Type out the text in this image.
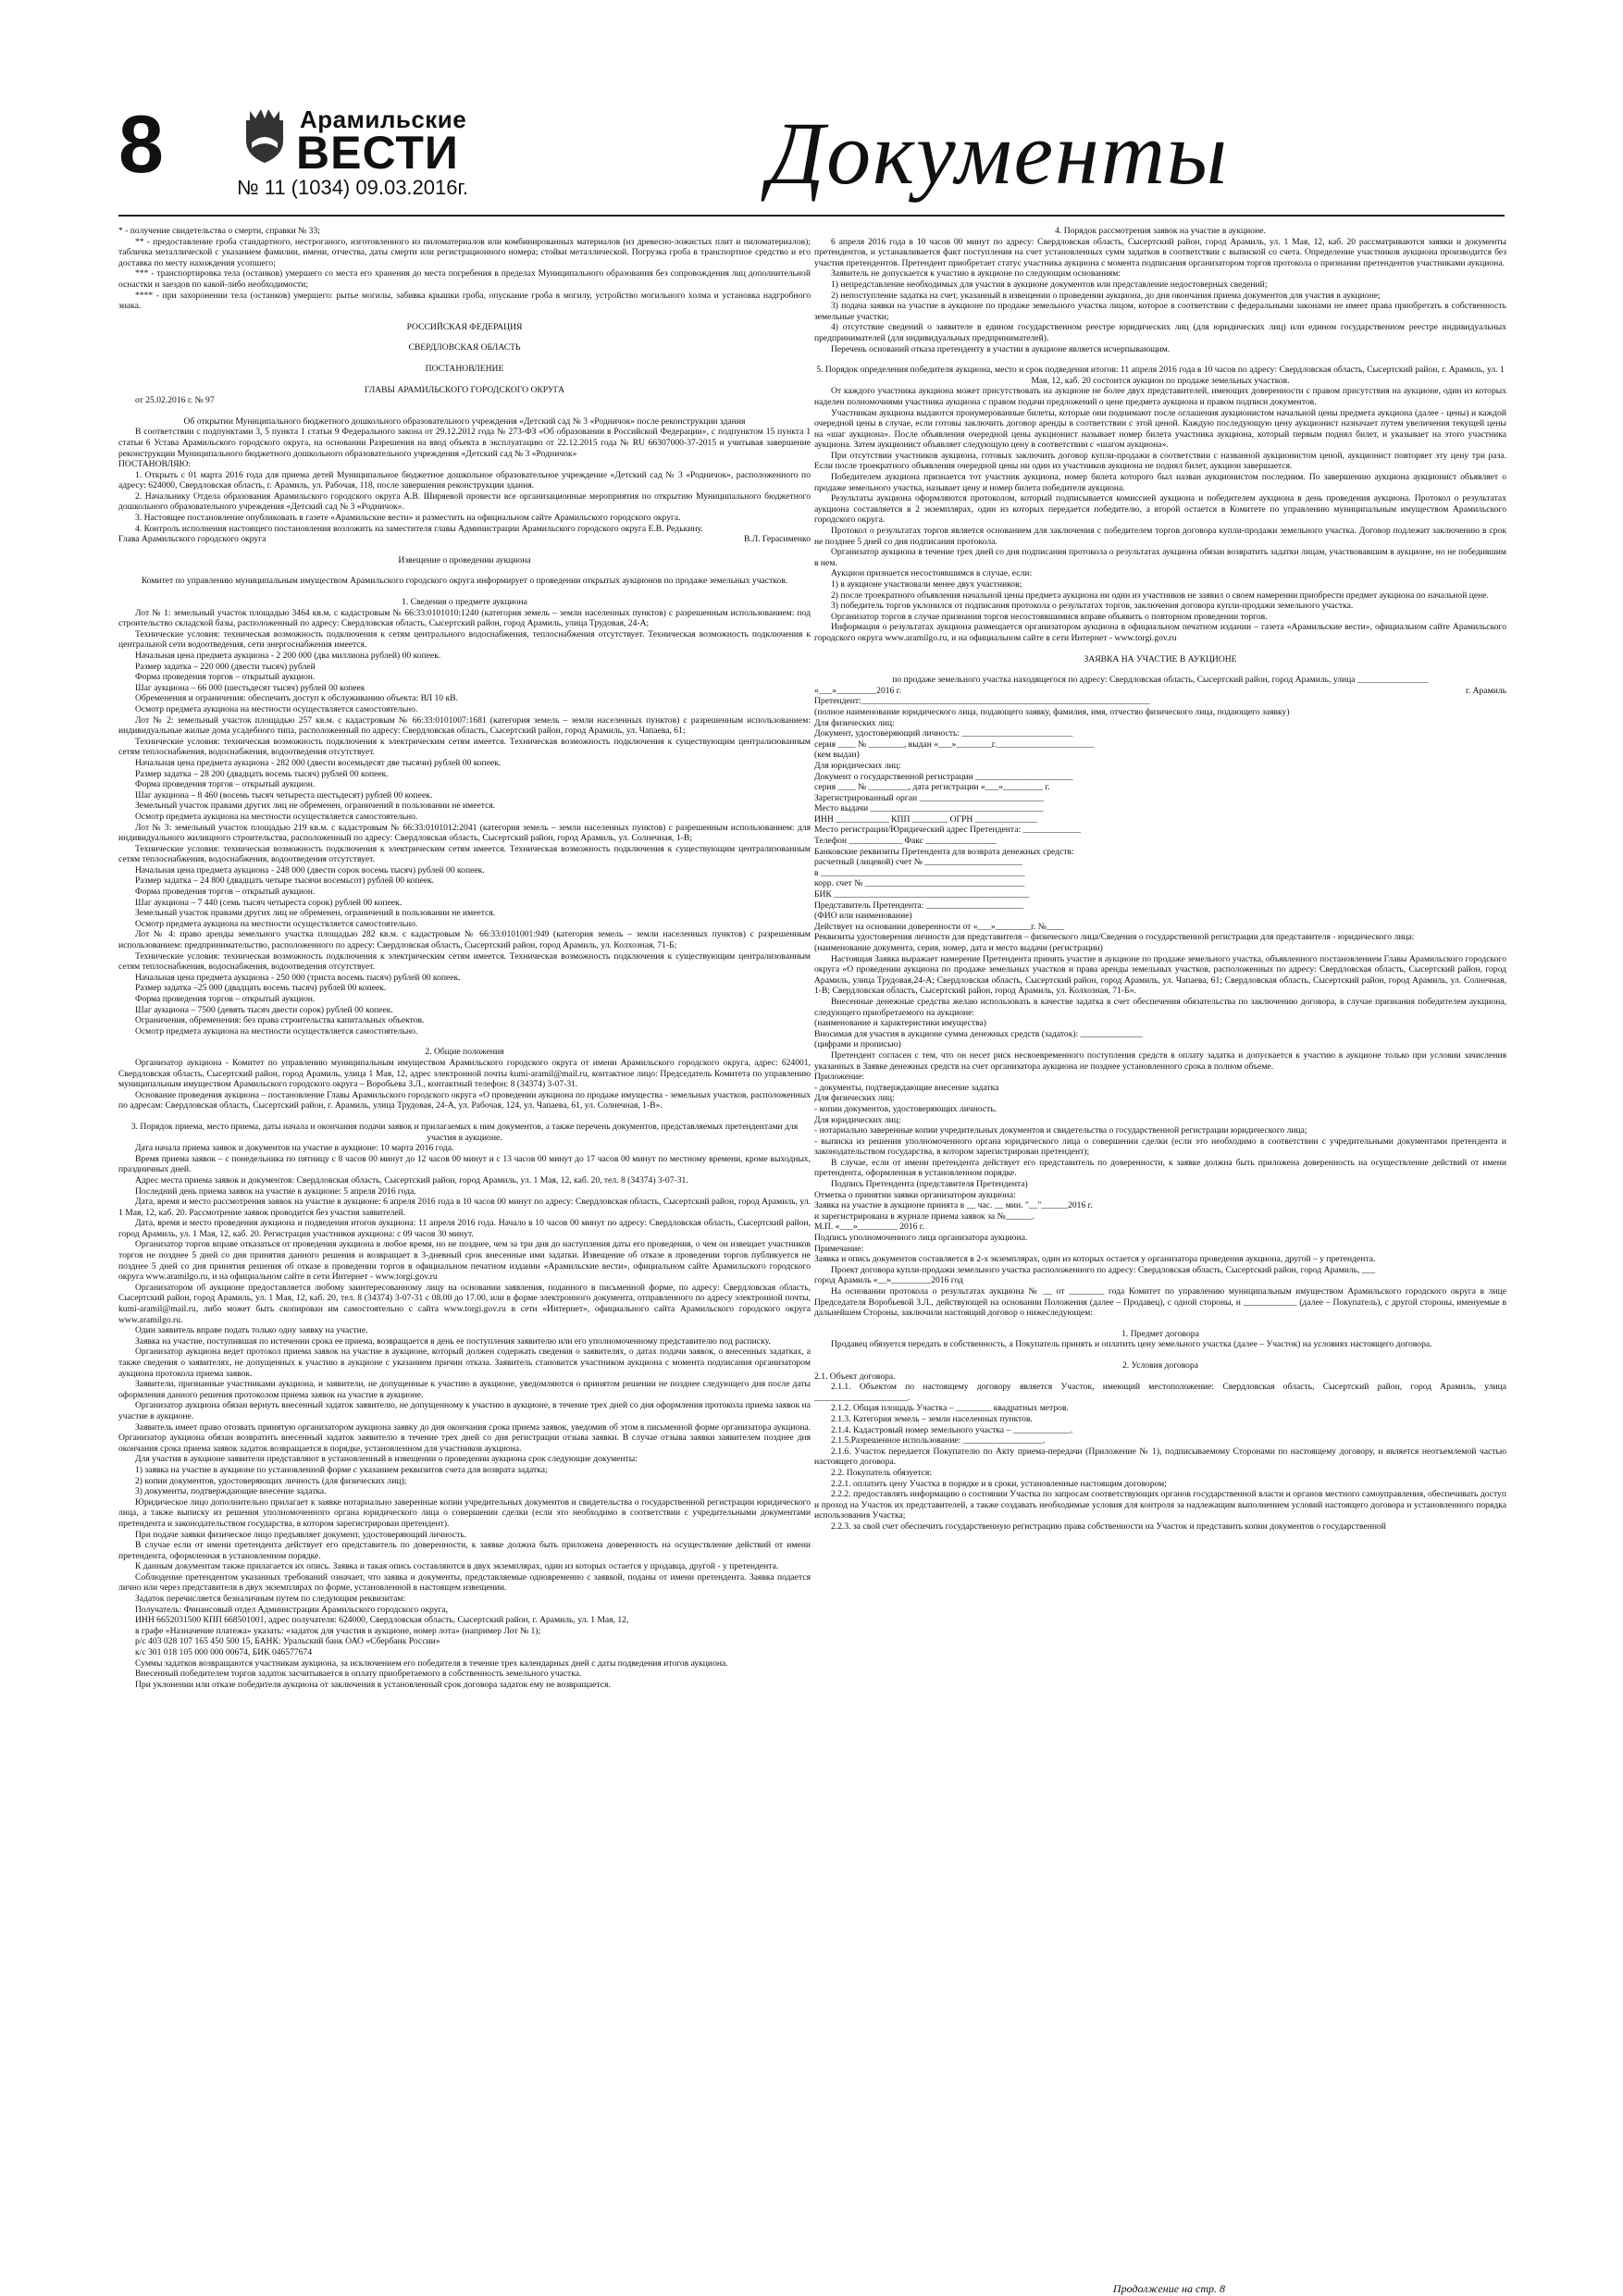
8	Арамильские
ВЕСТИ
№ 11 (1034) 09.03.2016г.	Документы

* - получение свидетельства о смерти, справки № 33;

** - предоставление гроба стандартного, нестроганого, изготовленного из пиломатериалов или комбинированных материалов (из древесно-ложистых плит и пиломатериалов); табличка металлической с указанием фамилии, имени, отчества, даты смерти или регистрационного номера; стойки металлической. Погрузка гроба в транспортное средство и его доставка по месту нахождения усопшего;

*** - транспортировка тела (останков) умершего со места его хранения до места погребения в пределах Муниципального образования без сопровождения лиц дополнительной оснастки и заездов по какой-либо необходимости;

**** - при захоронении тела (останков) умершего: рытье могилы, забивка крышки гроба, опускание гроба в могилу, устройство могильного холма и установка надгробного знака.

РОССИЙСКАЯ ФЕДЕРАЦИЯ

СВЕРДЛОВСКАЯ ОБЛАСТЬ

ПОСТАНОВЛЕНИЕ

ГЛАВЫ АРАМИЛЬСКОГО ГОРОДСКОГО ОКРУГА

от 25.02.2016 г. № 97

Об открытии Муниципального бюджетного дошкольного образовательного учреждения «Детский сад № 3 «Родничок» после реконструкции здания

В соответствии с подпунктами 3, 5 пункта 1 статьи 9 Федерального закона от 29.12.2012 года № 273-ФЗ «Об образовании в Российской Федерации», с подпунктом 15 пункта 1 статьи 6 Устава Арамильского городского округа, на основании Разрешения на ввод объекта в эксплуатацию от 22.12.2015 года № RU 66307000-37-2015 и учитывая завершение реконструкции Муниципального бюджетного дошкольного образовательного учреждения «Детский сад № 3 «Родничок»

ПОСТАНОВЛЯЮ:

1. Открыть с 01 марта 2016 года для приема детей Муниципальное бюджетное дошкольное образовательное учреждение «Детский сад № 3 «Родничок», расположенного по адресу: 624000, Свердловская область, г. Арамиль, ул. Рабочая, 118, после завершения реконструкции здания.

2. Начальнику Отдела образования Арамильского городского округа А.В. Ширяевой провести все организационные мероприятия по открытию Муниципального бюджетного дошкольного образовательного учреждения «Детский сад № 3 «Родничок».

3. Настоящее постановление опубликовать в газете «Арамильские вести» и разместить на официальном сайте Арамильского городского округа.

4. Контроль исполнения настоящего постановления возложить на заместителя главы Администрации Арамильского городского округа Е.В. Редькину.

Глава Арамильского городского округа	В.Л. Герасименко

Извещение о проведении аукциона

Комитет по управлению муниципальным имуществом Арамильского городского округа информирует о проведении открытых аукционов по продаже земельных участков.

1. Сведения о предмете аукциона

Лот № 1: земельный участок площадью 3464 кв.м. с кадастровым № 66:33:0101010:1240 (категория земель – земли населенных пунктов) с разрешенным использованием: под строительство складской базы, расположенный по адресу: Свердловская область, Сысертский район, город Арамиль, улица Трудовая, 24-А;

Технические условия: техническая возможность подключения к сетям центрального водоснабжения, теплоснабжения отсутствует. Техническая возможность подключения к центральной сети водоотведения, сети энергоснабжения имеется.

Начальная цена предмета аукциона - 2 200 000 (два миллиона рублей) 00 копеек.

Размер задатка – 220 000 (двести тысяч) рублей

Форма проведения торгов – открытый аукцион.

Шаг аукциона – 66 000 (шестьдесят тысяч) рублей 00 копеек

Обременения и ограничения: обеспечить доступ к обслуживанию объекта: ВЛ 10 кВ.

Осмотр предмета аукциона на местности осуществляется самостоятельно.

Лот № 2: земельный участок площадью 257 кв.м. с кадастровым № 66:33:0101007:1681 (категория земель – земли населенных пунктов) с разрешенным использованием: индивидуальные жилые дома усадебного типа, расположенный по адресу: Свердловская область, Сысертский район, город Арамиль, ул. Чапаева, 61;

Технические условия: техническая возможность подключения к электрическим сетям имеется. Техническая возможность подключения к существующим централизованным сетям теплоснабжения, водоснабжения, водоотведения отсутствует.

Начальная цена предмета аукциона - 282 000 (двести восемьдесят две тысячи) рублей 00 копеек.

Размер задатка – 28 200 (двадцать восемь тысяч) рублей 00 копеек.

Форма проведения торгов – открытый аукцион.

Шаг аукциона – 8 460 (восемь тысяч четыреста шестьдесят) рублей 00 копеек.

Земельный участок правами других лиц не обременен, ограничений в пользовании не имеется.

Осмотр предмета аукциона на местности осуществляется самостоятельно.

Лот № 3: земельный участок площадью 219 кв.м. с кадастровым № 66:33:0101012:2041 (категория земель – земли населенных пунктов) с разрешенным использованием: для индивидуального жилищного строительства, расположенный по адресу: Свердловская область, Сысертский район, город Арамиль, ул. Солнечная, 1-В;

Технические условия: техническая возможность подключения к электрическим сетям имеется. Техническая возможность подключения к существующим централизованным сетям теплоснабжения, водоснабжения, водоотведения отсутствует.

Начальная цена предмета аукциона - 248 000 (двести сорок восемь тысяч) рублей 00 копеек.

Размер задатка – 24 800 (двадцать четыре тысячи восемьсот) рублей 00 копеек.

Форма проведения торгов – открытый аукцион.

Шаг аукциона – 7 440 (семь тысяч четыреста сорок) рублей 00 копеек.

Земельный участок правами других лиц не обременен, ограничений в пользовании не имеется.

Осмотр предмета аукциона на местности осуществляется самостоятельно.

Лот № 4: право аренды земельного участка площадью 282 кв.м. с кадастровым № 66:33:0101001:949 (категория земель – земли населенных пунктов) с разрешенным использованием: предпринимательство, расположенного по адресу: Свердловская область, Сысертский район, город Арамиль, ул. Колхозная, 71-Б;

Технические условия: техническая возможность подключения к электрическим сетям имеется. Техническая возможность подключения к существующим централизованным сетям теплоснабжения, водоснабжения, водоотведения отсутствует.

Начальная цена предмета аукциона - 250 000 (триста восемь тысяч) рублей 00 копеек.

Размер задатка –25 000 (двадцать восемь тысяч) рублей 00 копеек.

Форма проведения торгов – открытый аукцион.

Шаг аукциона – 7500 (девять тысяч двести сорок) рублей 00 копеек.

Ограничения, обременения: без права строительства капитальных объектов.

Осмотр предмета аукциона на местности осуществляется самостоятельно.

2. Общие положения

Организатор аукциона - Комитет по управлению муниципальным имуществом Арамильского городского округа от имени Арамильского городского округа, адрес: 624001, Свердловская область, Сысертский район, город Арамиль, улица 1 Мая, 12, адрес электронной почты kumi-aramil@mail.ru, контактное лицо: Председатель Комитета по управлению муниципальным имуществом Арамильского городского округа – Воробьева З.Л., контактный телефон: 8 (34374) 3-07-31.

Основание проведения аукциона – постановление Главы Арамильского городского округа «О проведении аукциона по продаже имущества - земельных участков, расположенных по адресам: Свердловская область, Сысертский район, г. Арамиль, улица Трудовая, 24-А, ул. Рабочая, 124, ул. Чапаева, 61, ул. Солнечная, 1-В».

3. Порядок приема, место приема, даты начала и окончания подачи заявок и прилагаемых к ним документов, а также перечень документов, представляемых претендентами для участия в аукционе.

Дата начала приема заявок и документов на участие в аукционе: 10 марта 2016 года.

Время приема заявок – с понедельника по пятницу с 8 часов 00 минут до 12 часов 00 минут и с 13 часов 00 минут до 17 часов 00 минут по местному времени, кроме выходных, праздничных дней.

Адрес места приема заявок и документов: Свердловская область, Сысертский район, город Арамиль, ул. 1 Мая, 12, каб. 20, тел. 8 (34374) 3-07-31.

Последний день приема заявок на участие в аукционе: 5 апреля 2016 года.

Дата, время и место рассмотрения заявок на участие в аукционе: 6 апреля 2016 года в 10 часов 00 минут по адресу: Свердловская область, Сысертский район, город Арамиль, ул. 1 Мая, 12, каб. 20. Рассмотрение заявок проводится без участия заявителей.

Дата, время и место проведения аукциона и подведения итогов аукциона: 11 апреля 2016 года. Начало в 10 часов 00 минут по адресу: Свердловская область, Сысертский район, город Арамиль, ул. 1 Мая, 12, каб. 20. Регистрация участников аукциона: с 09 часов 30 минут.

Организатор торгов вправе отказаться от проведения аукциона в любое время, но не позднее, чем за три дня до наступления даты его проведения, о чем он извещает участников торгов не позднее 5 дней со дня принятия данного решения и возвращает в 3-дневный срок внесенные ими задатки. Извещение об отказе в проведении торгов публикуется не позднее 5 дней со дня принятия решения об отказе в проведении торгов в официальном печатном издании «Арамильские вести», официальном сайте Арамильского городского округа www.aramilgo.ru, и на официальном сайте в сети Интернет - www.torgi.gov.ru

Организатором об аукционе предоставляется любому заинтересованному лицу на основании заявления, поданного в письменной форме, по адресу: Свердловская область, Сысертский район, город Арамиль, ул. 1 Мая, 12, каб. 20, тел. 8 (34374) 3-07-31 с 08.00 до 17.00, или в форме электронного документа, отправленного по адресу электронной почты, kumi-aramil@mail.ru, либо может быть скопирован им самостоятельно с сайта www.torgi.gov.ru в сети «Интернет», официального сайта Арамильского городского округа www.aramilgo.ru.

Один заявитель вправе подать только одну заявку на участие.

Заявка на участие, поступившая по истечении срока ее приема, возвращается в день ее поступления заявителю или его уполномоченному представителю под расписку.

Организатор аукциона ведет протокол приема заявок на участие в аукционе, который должен содержать сведения о заявителях, о датах подачи заявок, о внесенных задатках, а также сведения о заявителях, не допущенных к участию в аукционе с указанием причин отказа. Заявитель становится участником аукциона с момента подписания организатором аукциона протокола приема заявок.

Заявители, признанные участниками аукциона, и заявители, не допущенные к участию в аукционе, уведомляются о принятом решении не позднее следующего дня после даты оформления данного решения протоколом приема заявок на участие в аукционе.

Организатор аукциона обязан вернуть внесенный задаток заявителю, не допущенному к участию в аукционе, в течение трех дней со дня оформления протокола приема заявок на участие в аукционе.

Заявитель имеет право отозвать принятую организатором аукциона заявку до дня окончания срока приема заявок, уведомив об этом в письменной форме организатора аукциона. Организатор аукциона обязан возвратить внесенный задаток заявителю в течение трех дней со дня регистрации отзыва заявки. В случае отзыва заявки заявителем позднее дня окончания срока приема заявок задаток возвращается в порядке, установленном для участников аукциона.

Для участия в аукционе заявители представляют в установленный в извещении о проведении аукциона срок следующие документы:

1) заявка на участие в аукционе по установленной форме с указанием реквизитов счета для возврата задатка;

2) копии документов, удостоверяющих личность (для физических лиц);

3) документы, подтверждающие внесение задатка.

Юридическое лицо дополнительно прилагает к заявке нотариально заверенные копии учредительных документов и свидетельства о государственной регистрации юридического лица, а также выписку из решения уполномоченного органа юридического лица о совершении сделки (если это необходимо в соответствии с учредительными документами претендента и законодательством государства, в котором зарегистрирован претендент).

При подаче заявки физическое лицо предъявляет документ, удостоверяющий личность.

В случае если от имени претендента действует его представитель по доверенности, к заявке должна быть приложена доверенность на осуществление действий от имени претендента, оформленная в установленном порядке.

К данным документам также прилагается их опись. Заявка и такая опись составляются в двух экземплярах, один из которых остается у продавца, другой - у претендента.

Соблюдение претендентом указанных требований означает, что заявка и документы, представляемые одновременно с заявкой, поданы от имени претендента. Заявка подается лично или через представителя в двух экземплярах по форме, установленной в настоящем извещении.

Задаток перечисляется безналичным путем по следующим реквизитам:

Получатель: Финансовый отдел Администрации Арамильского городского округа,

ИНН 6652031500 КПП 668501001, адрес получателя: 624000, Свердловская область, Сысертский район, г. Арамиль, ул. 1 Мая, 12,

в графе «Назначение платежа» указать: «задаток для участия в аукционе, номер лота» (например Лот № 1);

р/с 403 028 107 165 450 500 15, БАНК: Уральский банк ОАО «Сбербанк России»

к/с 301 018 105 000 000 00674, БИК 046577674

Суммы задатков возвращаются участникам аукциона, за исключением его победителя в течение трех календарных дней с даты подведения итогов аукциона.

Внесенный победителем торгов задаток засчитывается в оплату приобретаемого в собственность земельного участка.

При уклонении или отказе победителя аукциона от заключения в установленный срок договора задаток ему не возвращается.

4. Порядок рассмотрения заявок на участие в аукционе.

6 апреля 2016 года в 10 часов 00 минут по адресу: Свердловская область, Сысертский район, город Арамиль, ул. 1 Мая, 12, каб. 20 рассматриваются заявки и документы претендентов, и устанавливается факт поступления на счет установленных сумм задатков в соответствии с выпиской со счета. Определение участников аукциона производится без участия претендентов. Претендент приобретает статус участника аукциона с момента подписания организатором торгов протокола о признании претендентов участниками аукциона.

Заявитель не допускается к участию в аукционе по следующим основаниям:

1) непредставление необходимых для участия в аукционе документов или представление недостоверных сведений;

2) непоступление задатка на счет, указанный в извещении о проведении аукциона, до дня окончания приема документов для участия в аукционе;

3) подача заявки на участие в аукционе по продаже земельного участка лицом, которое в соответствии с федеральными законами не имеет права приобретать в собственность земельные участки;

4) отсутствие сведений о заявителе в едином государственном реестре юридических лиц (для юридических лиц) или едином государственном реестре индивидуальных предпринимателей (для индивидуальных предпринимателей).

Перечень оснований отказа претенденту в участии в аукционе является исчерпывающим.

5. Порядок определения победителя аукциона, место и срок подведения итогов: 11 апреля 2016 года в 10 часов по адресу: Свердловская область, Сысертский район, г. Арамиль, ул. 1 Мая, 12, каб. 20 состоится аукцион по продаже земельных участков.

От каждого участника аукциона может присутствовать на аукционе не более двух представителей, имеющих доверенности с правом присутствия на аукционе, один из которых наделен полномочиями участника аукциона с правом подачи предложений о цене предмета аукциона и правом подписи документов.

Участникам аукциона выдаются пронумерованные билеты, которые они поднимают после оглашения аукционистом начальной цены предмета аукциона (далее - цены) и каждой очередной цены в случае, если готовы заключить договор аренды в соответствии с этой ценой. Каждую последующую цену аукционист назначает путем увеличения текущей цены на «шаг аукциона». После объявления очередной цены аукционист называет номер билета участника аукциона, который первым поднял билет, и указывает на этого участника аукциона. Затем аукционист объявляет следующую цену в соответствии с «шагом аукциона».

При отсутствии участников аукциона, готовых заключить договор купли-продажи в соответствии с названной аукционистом ценой, аукционист повторяет эту цену три раза. Если после троекратного объявления очередной цены ни один из участников аукциона не поднял билет, аукцион завершается.

Победителем аукциона признается тот участник аукциона, номер билета которого был назван аукционистом последним. По завершению аукциона аукционист объявляет о продаже земельного участка, называет цену и номер билета победителя аукциона.

Результаты аукциона оформляются протоколом, который подписывается комиссией аукциона и победителем аукциона в день проведения аукциона. Протокол о результатах аукциона составляется в 2 экземплярах, один из которых передается победителю, а второй остается в Комитете по управлению муниципальным имуществом Арамильского городского округа.

Протокол о результатах торгов является основанием для заключения с победителем торгов договора купли-продажи земельного участка. Договор подлежит заключению в срок не позднее 5 дней со дня подписания протокола.

Организатор аукциона в течение трех дней со дня подписания протокола о результатах аукциона обязан возвратить задатки лицам, участвовавшим в аукционе, но не победившим в нем.

Аукцион признается несостоявшимся в случае, если:

1) в аукционе участвовали менее двух участников;

2) после троекратного объявления начальной цены предмета аукциона ни один из участников не заявил о своем намерении приобрести предмет аукциона по начальной цене.

3) победитель торгов уклонился от подписания протокола о результатах торгов, заключения договора купли-продажи земельного участка.

Организатор торгов в случае признания торгов несостоявшимися вправе объявить о повторном проведении торгов.

Информация о результатах аукциона размещается организатором аукциона в официальном печатном издании – газета «Арамильские вести», официальном сайте Арамильского городского округа www.aramilgo.ru, и на официальном сайте в сети Интернет - www.torgi.gov.ru

ЗАЯВКА НА УЧАСТИЕ В АУКЦИОНЕ

по продаже земельного участка находящегося по адресу: Свердловская область, Сысертский район, город Арамиль, улица ________________

«___»_________2016 г.	г. Арамиль

Претендент:_________________________________________________________________

(полное наименование юридического лица, подающего заявку, фамилия, имя, отчество физического лица, подающего заявку)

Для физических лиц:

Документ, удостоверяющий личность: _________________________

серия ____ № ________, выдан «___»________г.______________________

(кем выдан)

Для юридических лиц:

Документ о государственной регистрации ______________________

серия ____ № _________, дата регистрации «___»_________ г.

Зарегистрированный орган ____________________________

Место выдачи _______________________________________

ИНН ____________ КПП ________ ОГРН ______________

Место регистрации/Юридический адрес Претендента: _____________

Телефон ____________ Факс ________________

Банковские реквизиты Претендента для возврата денежных средств:

расчетный (лицевой) счет № ______________________

в ______________________________________________

корр. счет № ____________________________________

БИК ____________________________________________

Представитель Претендента: ______________________

(ФИО или наименование)

Действует на основании доверенности от «___»________г. №____

Реквизиты удостоверения личности для представителя – физического лица/Сведения о государственной регистрации для представителя - юридического лица:

(наименование документа, серия, номер, дата и место выдачи (регистрации)

Настоящая Заявка выражает намерение Претендента принять участие в аукционе по продаже земельного участка, объявленного постановлением Главы Арамильского городского округа «О проведении аукциона по продаже земельных участков и права аренды земельных участков, расположенных по адресу: Свердловская область, Сысертский район, город Арамиль, улица Трудовая,24-А; Свердловская область, Сысертский район, город Арамиль, ул. Чапаева, 61; Свердловская область, Сысертский район, город Арамиль, ул. Солнечная, 1-В; Свердловская область, Сысертский район, город Арамиль, ул. Колхозная, 71-Б».

Внесенные денежные средства желаю использовать в качестве задатка в счет обеспечения обязательства по заключению договора, в случае признания победителем аукциона, следующего приобретаемого на аукционе:

(наименование и характеристики имущества)

Вносимая для участия в аукционе сумма денежных средств (задаток): ______________

(цифрами и прописью)

Претендент согласен с тем, что он несет риск несвоевременного поступления средств в оплату задатка и допускается к участию в аукционе только при условии зачисления указанных в Заявке денежных средств на счет организатора аукциона не позднее установленного срока в полном объеме.

Приложение:

- документы, подтверждающие внесение задатка

Для физических лиц:

- копии документов, удостоверяющих личность.

Для юридических лиц:

- нотариально заверенные копии учредительных документов и свидетельства о государственной регистрации юридического лица;

- выписка из решения уполномоченного органа юридического лица о совершении сделки (если это необходимо в соответствии с учредительными документами претендента и законодательством государства, в котором зарегистрирован претендент);

В случае, если от имени претендента действует его представитель по доверенности, к заявке должна быть приложена доверенность на осуществление действий от имени претендента, оформленная в установленном порядке.

Подпись Претендента (представителя Претендента)

Отметка о принятии заявки организатором аукциона:

Заявка на участие в аукционе принята в __ час. __ мин. "__"______2016 г.

и зарегистрирована в журнале приема заявок за №______.

М.П. «___»_________ 2016 г.

Подпись уполномоченного лица организатора аукциона.

Примечание:

Заявка и опись документов составляется в 2-х экземплярах, один из которых остается у организатора проведения аукциона, другой – у претендента.

Проект договора купли-продажи земельного участка расположенного по адресу: Свердловская область, Сысертский район, город Арамиль, ___

город Арамиль «__»_________2016 год

На основании протокола о результатах аукциона № __ от ________ года Комитет по управлению муниципальным имуществом Арамильского городского округа в лице Председателя Воробьевой З.Л., действующей на основании Положения (далее – Продавец), с одной стороны, и ____________ (далее – Покупатель), с другой стороны, именуемые в дальнейшем Стороны, заключили настоящий договор о нижеследующем:

1. Предмет договора

Продавец обязуется передать в собственность, а Покупатель принять и оплатить цену земельного участка (далее – Участок) на условиях настоящего договора.

2. Условия договора

2.1. Объект договора.

2.1.1. Объектом по настоящему договору является Участок, имеющий местоположение: Свердловская область, Сысертский район, город Арамиль, улица _____________________.

2.1.2. Общая площадь Участка – ________ квадратных метров.

2.1.3. Категория земель – земли населенных пунктов.

2.1.4. Кадастровый номер земельного участка – _____________.

2.1.5.Разрешенное использование: __________________.

2.1.6. Участок передается Покупателю по Акту приема-передачи (Приложение № 1), подписываемому Сторонами по настоящему договору, и является неотъемлемой частью настоящего договора.

2.2. Покупатель обязуется:

2.2.1. оплатить цену Участка в порядке и в сроки, установленные настоящим договором;

2.2.2. предоставлять информацию о состоянии Участка по запросам соответствующих органов государственной власти и органов местного самоуправления, обеспечивать доступ и проход на Участок их представителей, а также создавать необходимые условия для контроля за надлежащим выполнением условий настоящего договора и установленного порядка использования Участка;

2.2.3. за свой счет обеспечить государственную регистрацию права собственности на Участок и представить копии документов о государственной

Продолжение на стр. 8
